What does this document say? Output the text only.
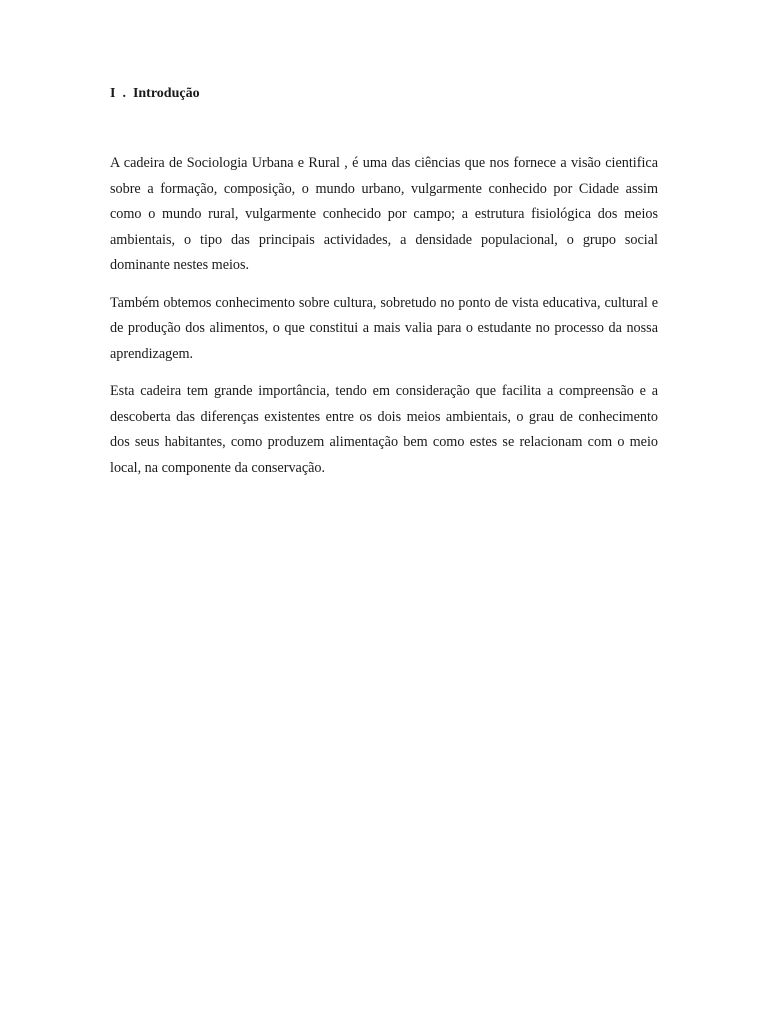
I  .  Introdução

A cadeira de Sociologia Urbana e Rural , é uma das ciências que nos fornece a visão cientifica sobre a formação, composição, o mundo urbano, vulgarmente conhecido por Cidade assim como o mundo rural, vulgarmente conhecido por campo; a estrutura fisiológica dos meios ambientais, o tipo das principais actividades, a densidade populacional, o grupo social dominante nestes meios.

Também obtemos conhecimento sobre cultura, sobretudo no ponto de vista educativa, cultural e de produção dos alimentos, o que constitui a mais valia para o estudante no processo da nossa aprendizagem.

Esta cadeira tem grande importância, tendo em consideração que facilita a compreensão e a descoberta das diferenças existentes entre os dois meios ambientais, o grau de conhecimento dos seus habitantes, como produzem alimentação bem como estes se relacionam com o meio local, na componente da conservação.
